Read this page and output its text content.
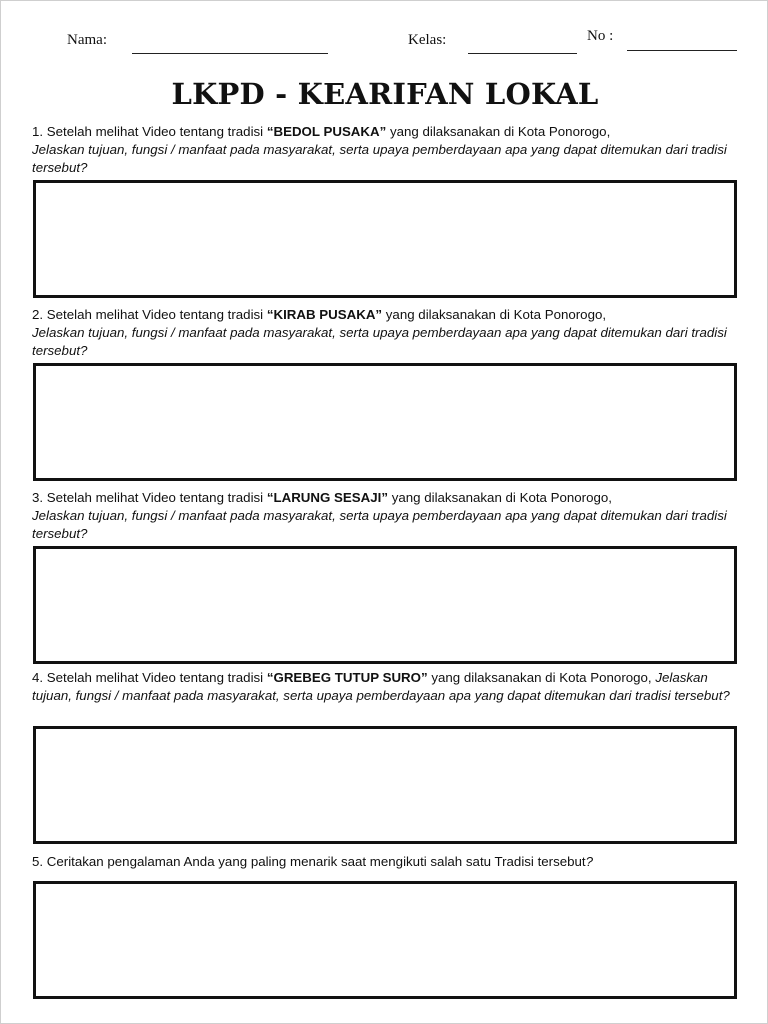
Nama:	Kelas:	No :
LKPD - KEARIFAN LOKAL
1. Setelah melihat Video tentang tradisi “BEDOL PUSAKA” yang dilaksanakan di Kota Ponorogo,
Jelaskan tujuan, fungsi / manfaat pada masyarakat, serta upaya pemberdayaan apa yang dapat ditemukan dari tradisi tersebut?
2. Setelah melihat Video tentang tradisi “KIRAB PUSAKA” yang dilaksanakan di Kota Ponorogo,
Jelaskan tujuan, fungsi / manfaat pada masyarakat, serta upaya pemberdayaan apa yang dapat ditemukan dari tradisi tersebut?
3. Setelah melihat Video tentang tradisi “LARUNG SESAJI” yang dilaksanakan di Kota Ponorogo,
Jelaskan tujuan, fungsi / manfaat pada masyarakat, serta upaya pemberdayaan apa yang dapat ditemukan dari tradisi tersebut?
4. Setelah melihat Video tentang tradisi “GREBEG TUTUP SURO” yang dilaksanakan di Kota Ponorogo, Jelaskan tujuan, fungsi / manfaat pada masyarakat, serta upaya pemberdayaan apa yang dapat ditemukan dari tradisi tersebut?
5. Ceritakan pengalaman Anda yang paling menarik saat mengikuti salah satu Tradisi tersebut?
